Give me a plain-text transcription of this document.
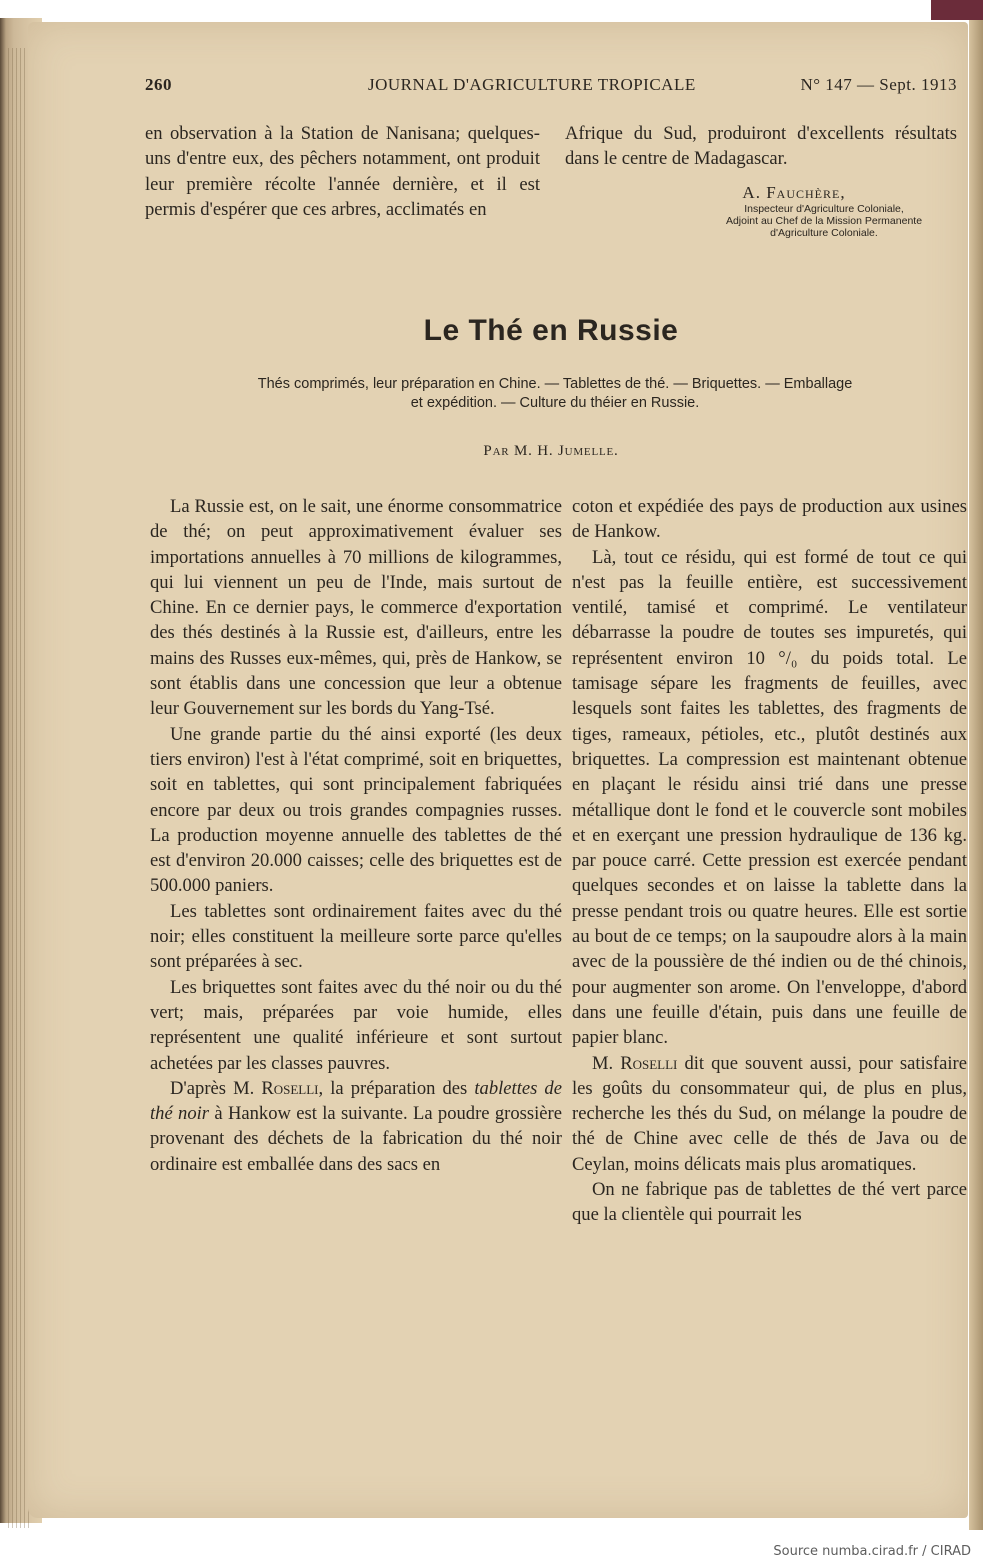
260	JOURNAL D'AGRICULTURE TROPICALE	N° 147 — Sept. 1913

en observation à la Station de Nanisana; quelques-uns d'entre eux, des pêchers notamment, ont produit leur première récolte l'année dernière, et il est permis d'espérer que ces arbres, acclimatés en

Afrique du Sud, produiront d'excellents résultats dans le centre de Madagascar.

A. Fauchère,
Inspecteur d'Agriculture Coloniale,
Adjoint au Chef de la Mission Permanente
d'Agriculture Coloniale.
Le Thé en Russie
Thés comprimés, leur préparation en Chine. — Tablettes de thé. — Briquettes. — Emballage
et expédition. — Culture du théier en Russie.
Par M. H. Jumelle.

La Russie est, on le sait, une énorme consommatrice de thé; on peut approximativement évaluer ses importations annuelles à 70 millions de kilogrammes, qui lui viennent un peu de l'Inde, mais surtout de Chine. En ce dernier pays, le commerce d'exportation des thés destinés à la Russie est, d'ailleurs, entre les mains des Russes eux-mêmes, qui, près de Hankow, se sont établis dans une concession que leur a obtenue leur Gouvernement sur les bords du Yang-Tsé.

Une grande partie du thé ainsi exporté (les deux tiers environ) l'est à l'état comprimé, soit en briquettes, soit en tablettes, qui sont principalement fabriquées encore par deux ou trois grandes compagnies russes. La production moyenne annuelle des tablettes de thé est d'environ 20.000 caisses; celle des briquettes est de 500.000 paniers.

Les tablettes sont ordinairement faites avec du thé noir; elles constituent la meilleure sorte parce qu'elles sont préparées à sec.

Les briquettes sont faites avec du thé noir ou du thé vert; mais, préparées par voie humide, elles représentent une qualité inférieure et sont surtout achetées par les classes pauvres.

D'après M. Roselli, la préparation des tablettes de thé noir à Hankow est la suivante. La poudre grossière provenant des déchets de la fabrication du thé noir ordinaire est emballée dans des sacs en

coton et expédiée des pays de production aux usines de Hankow.

Là, tout ce résidu, qui est formé de tout ce qui n'est pas la feuille entière, est successivement ventilé, tamisé et comprimé. Le ventilateur débarrasse la poudre de toutes ses impuretés, qui représentent environ 10 °/₀ du poids total. Le tamisage sépare les fragments de feuilles, avec lesquels sont faites les tablettes, des fragments de tiges, rameaux, pétioles, etc., plutôt destinés aux briquettes. La compression est maintenant obtenue en plaçant le résidu ainsi trié dans une presse métallique dont le fond et le couvercle sont mobiles et en exerçant une pression hydraulique de 136 kg. par pouce carré. Cette pression est exercée pendant quelques secondes et on laisse la tablette dans la presse pendant trois ou quatre heures. Elle est sortie au bout de ce temps; on la saupoudre alors à la main avec de la poussière de thé indien ou de thé chinois, pour augmenter son arome. On l'enveloppe, d'abord dans une feuille d'étain, puis dans une feuille de papier blanc.

M. Roselli dit que souvent aussi, pour satisfaire les goûts du consommateur qui, de plus en plus, recherche les thés du Sud, on mélange la poudre de thé de Chine avec celle de thés de Java ou de Ceylan, moins délicats mais plus aromatiques.

On ne fabrique pas de tablettes de thé vert parce que la clientèle qui pourrait les

Source numba.cirad.fr / CIRAD
